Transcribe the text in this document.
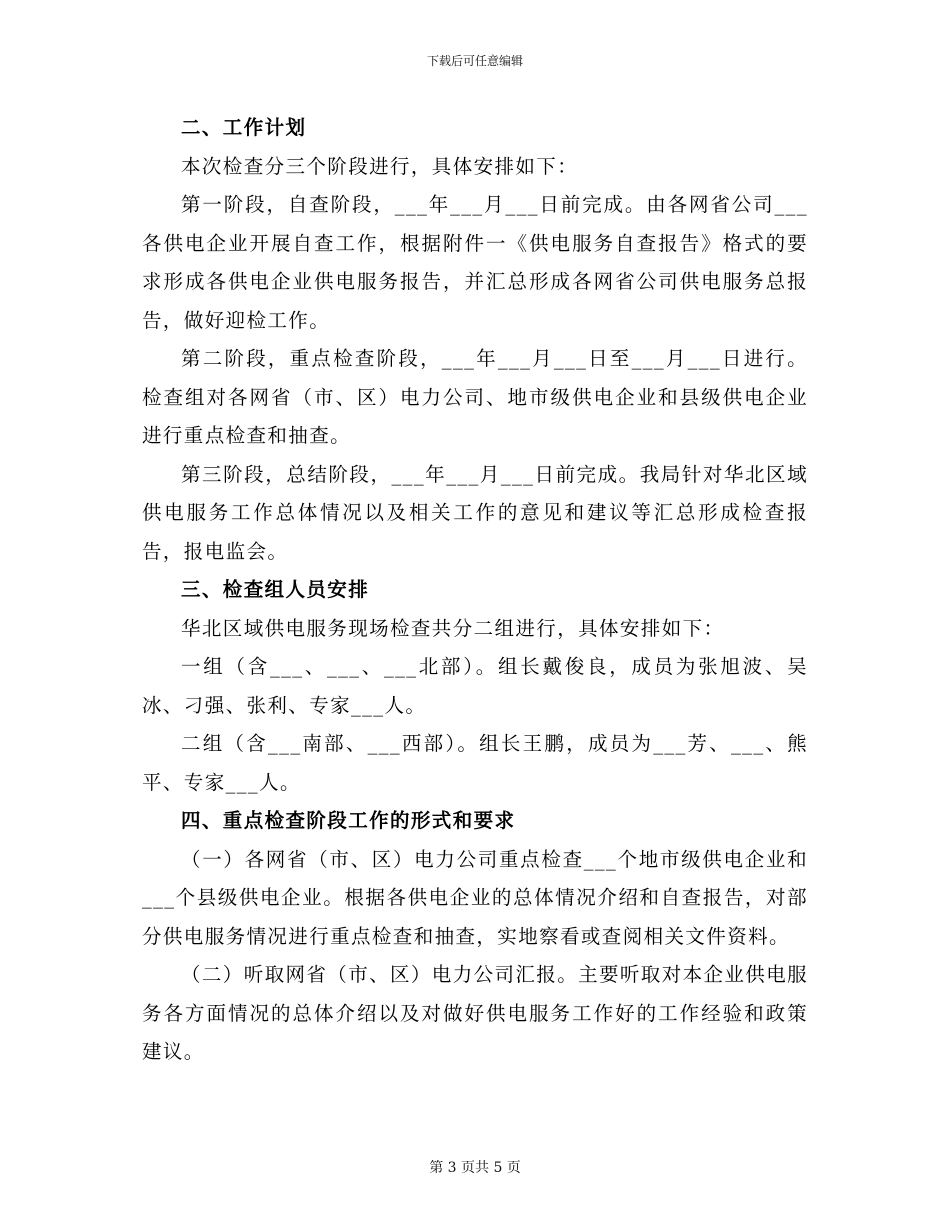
下载后可任意编辑
二、工作计划

本次检查分三个阶段进行，具体安排如下：

第一阶段，自查阶段，___年___月___日前完成。由各网省公司___各供电企业开展自查工作，根据附件一《供电服务自查报告》格式的要求形成各供电企业供电服务报告，并汇总形成各网省公司供电服务总报告，做好迎检工作。

第二阶段，重点检查阶段，___年___月___日至___月___日进行。检查组对各网省（市、区）电力公司、地市级供电企业和县级供电企业进行重点检查和抽查。

第三阶段，总结阶段，___年___月___日前完成。我局针对华北区域供电服务工作总体情况以及相关工作的意见和建议等汇总形成检查报告，报电监会。

三、检查组人员安排

华北区域供电服务现场检查共分二组进行，具体安排如下：

一组（含___、___、___北部）。组长戴俊良，成员为张旭波、吴冰、刁强、张利、专家___人。

二组（含___南部、___西部）。组长王鹏，成员为___芳、___、熊平、专家___人。

四、重点检查阶段工作的形式和要求

（一）各网省（市、区）电力公司重点检查___个地市级供电企业和___个县级供电企业。根据各供电企业的总体情况介绍和自查报告，对部分供电服务情况进行重点检查和抽查，实地察看或查阅相关文件资料。

（二）听取网省（市、区）电力公司汇报。主要听取对本企业供电服务各方面情况的总体介绍以及对做好供电服务工作好的工作经验和政策建议。

第 3 页共 5 页
